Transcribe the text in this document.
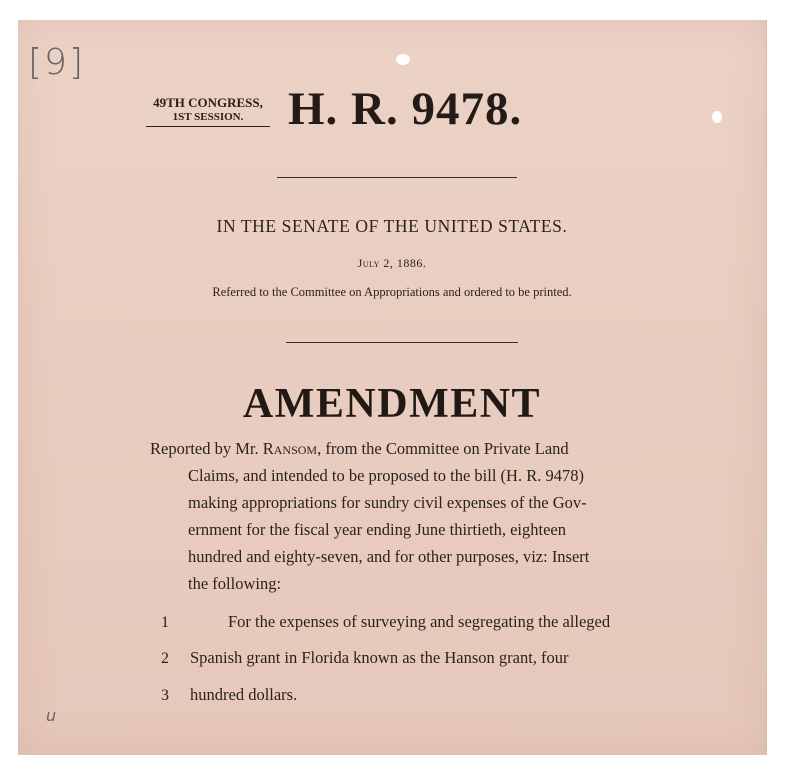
[9]
u
49TH CONGRESS,
1ST SESSION. H. R. 9478.
IN THE SENATE OF THE UNITED STATES.
July 2, 1886.
Referred to the Committee on Appropriations and ordered to be printed.
AMENDMENT
Reported by Mr. Ransom, from the Committee on Private Land
Claims, and intended to be proposed to the bill (H. R. 9478)
making appropriations for sundry civil expenses of the Gov-
ernment for the fiscal year ending June thirtieth, eighteen
hundred and eighty-seven, and for other purposes, viz: Insert
the following:
1	For the expenses of surveying and segregating the alleged
2 Spanish grant in Florida known as the Hanson grant, four
3 hundred dollars.
